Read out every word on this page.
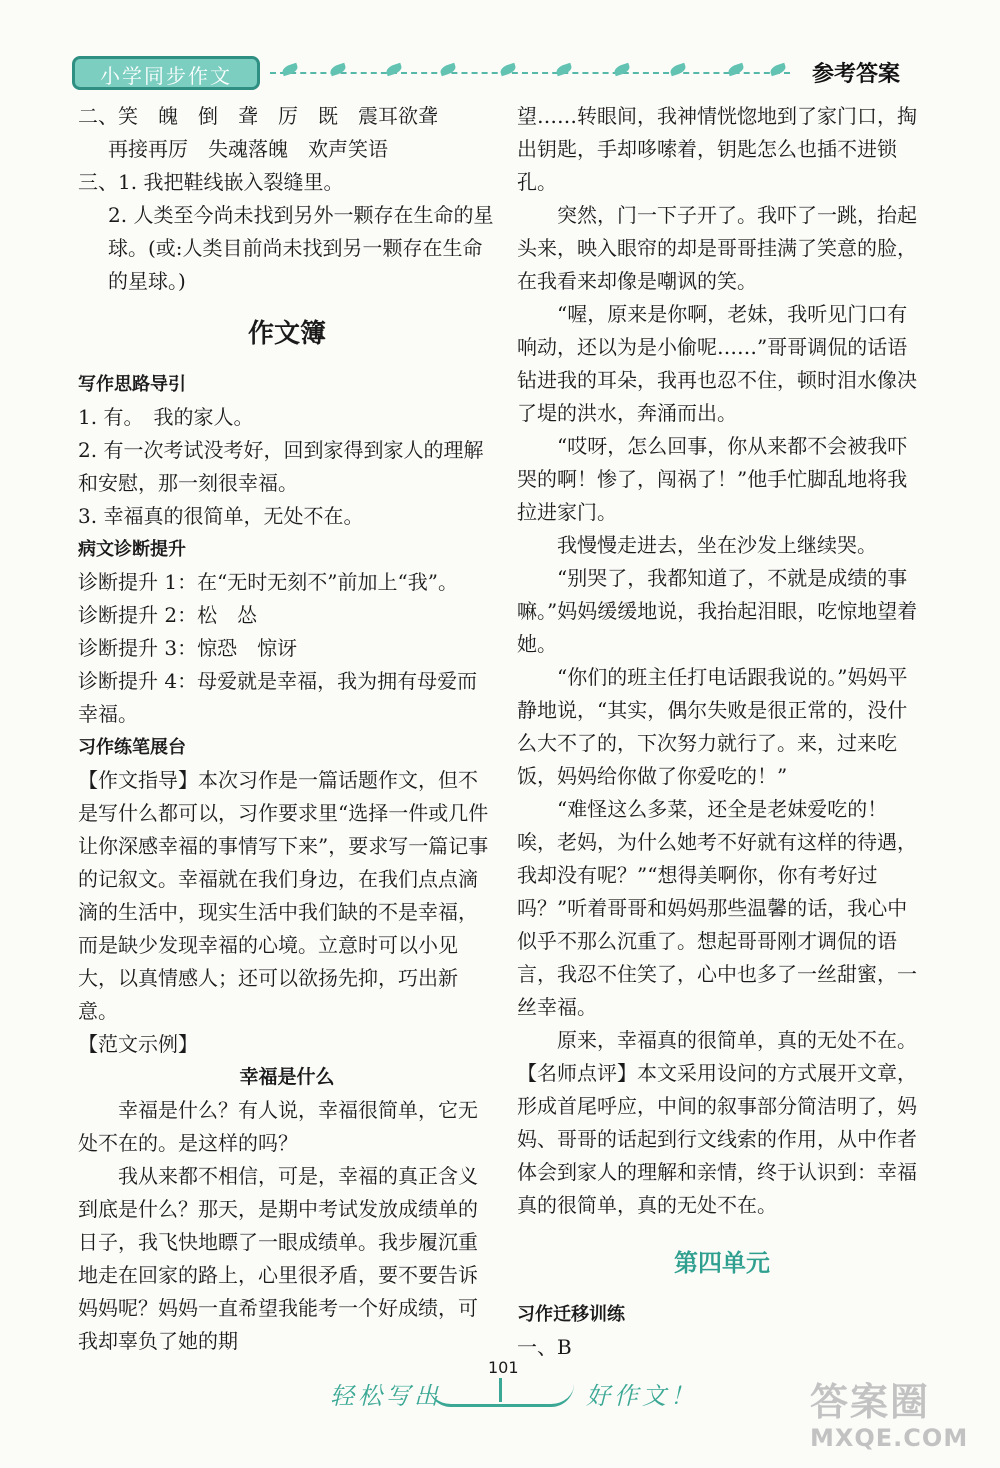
小学同步作文	参考答案

二、笑　魄　倒　聋　厉　既　震耳欲聋

再接再厉　失魂落魄　欢声笑语

三、1. 我把鞋线嵌入裂缝里。

2. 人类至今尚未找到另外一颗存在生命的星球。(或:人类目前尚未找到另一颗存在生命的星球。)

作文簿

写作思路导引

1. 有。　我的家人。

2. 有一次考试没考好，回到家得到家人的理解和安慰，那一刻很幸福。

3. 幸福真的很简单，无处不在。

病文诊断提升

诊断提升 1：在“无时无刻不”前加上“我”。

诊断提升 2：松　怂

诊断提升 3：惊恐　惊讶

诊断提升 4：母爱就是幸福，我为拥有母爱而幸福。

习作练笔展台

【作文指导】本次习作是一篇话题作文，但不是写什么都可以，习作要求里“选择一件或几件让你深感幸福的事情写下来”，要求写一篇记事的记叙文。幸福就在我们身边，在我们点点滴滴的生活中，现实生活中我们缺的不是幸福，而是缺少发现幸福的心境。立意时可以小见大，以真情感人；还可以欲扬先抑，巧出新意。

【范文示例】

幸福是什么

幸福是什么？有人说，幸福很简单，它无处不在的。是这样的吗？

我从来都不相信，可是，幸福的真正含义到底是什么？那天，是期中考试发放成绩单的日子，我飞快地瞟了一眼成绩单。我步履沉重地走在回家的路上，心里很矛盾，要不要告诉妈妈呢？妈妈一直希望我能考一个好成绩，可我却辜负了她的期

望……转眼间，我神情恍惚地到了家门口，掏出钥匙，手却哆嗦着，钥匙怎么也插不进锁孔。

突然，门一下子开了。我吓了一跳，抬起头来，映入眼帘的却是哥哥挂满了笑意的脸，在我看来却像是嘲讽的笑。

“喔，原来是你啊，老妹，我听见门口有响动，还以为是小偷呢……”哥哥调侃的话语钻进我的耳朵，我再也忍不住，顿时泪水像决了堤的洪水，奔涌而出。

“哎呀，怎么回事，你从来都不会被我吓哭的啊！惨了，闯祸了！”他手忙脚乱地将我拉进家门。

我慢慢走进去，坐在沙发上继续哭。

“别哭了，我都知道了，不就是成绩的事嘛。”妈妈缓缓地说，我抬起泪眼，吃惊地望着她。

“你们的班主任打电话跟我说的。”妈妈平静地说，“其实，偶尔失败是很正常的，没什么大不了的，下次努力就行了。来，过来吃饭，妈妈给你做了你爱吃的！”

“难怪这么多菜，还全是老妹爱吃的！唉，老妈，为什么她考不好就有这样的待遇，我却没有呢？”“想得美啊你，你有考好过吗？”听着哥哥和妈妈那些温馨的话，我心中似乎不那么沉重了。想起哥哥刚才调侃的语言，我忍不住笑了，心中也多了一丝甜蜜，一丝幸福。

原来，幸福真的很简单，真的无处不在。

【名师点评】本文采用设问的方式展开文章，形成首尾呼应，中间的叙事部分简洁明了，妈妈、哥哥的话起到行文线索的作用，从中作者体会到家人的理解和亲情，终于认识到：幸福真的很简单，真的无处不在。

第四单元

习作迁移训练

一、B

101
轻松写出	好作文！	答案圈
MXQE.COM
